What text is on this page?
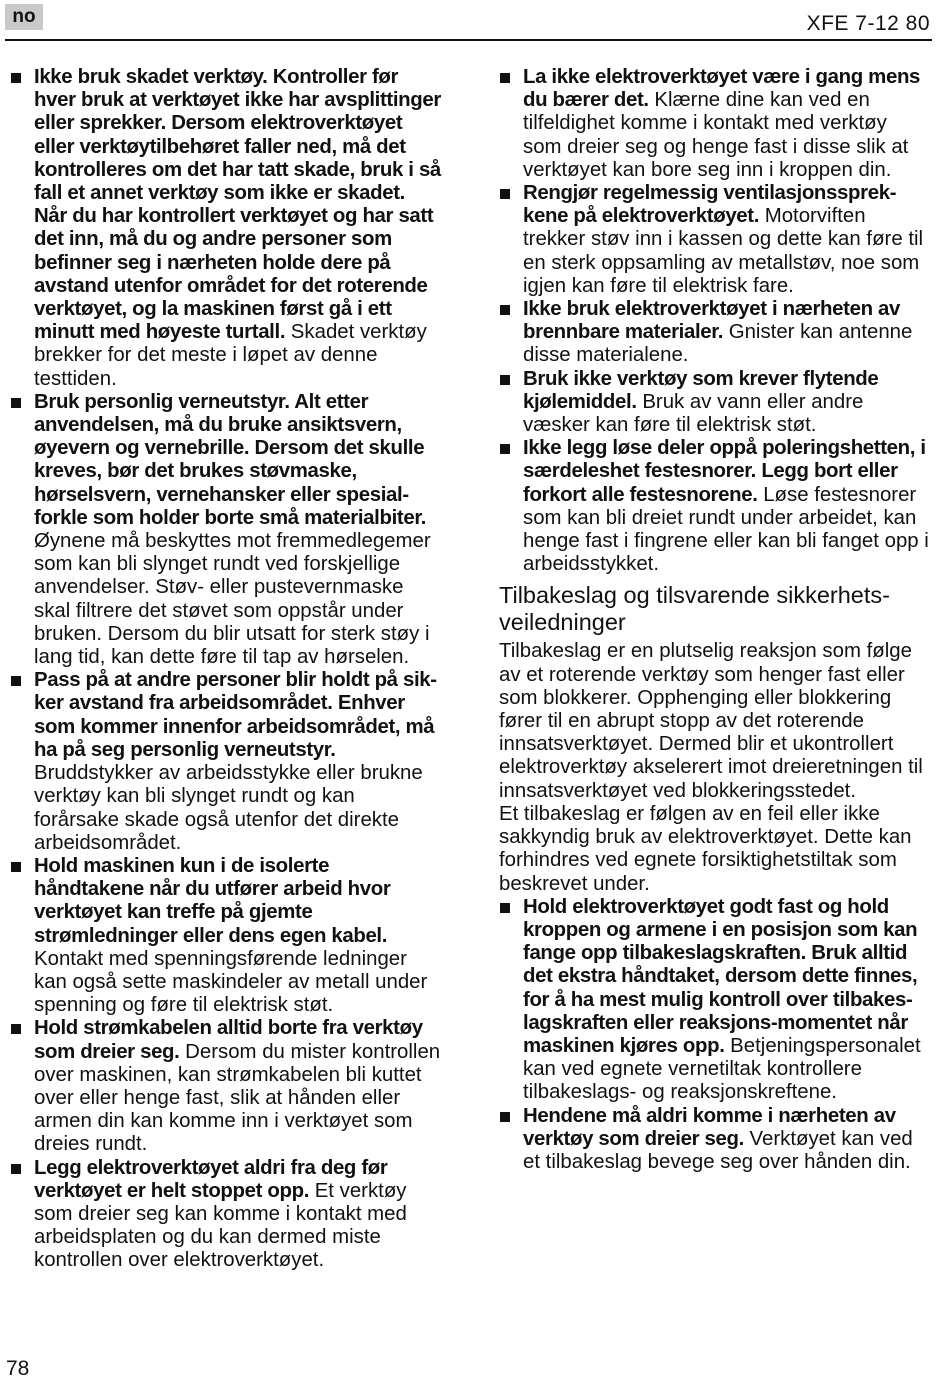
no	XFE 7-12 80
Ikke bruk skadet verktøy. Kontroller før hver bruk at verktøyet ikke har avsplittinger eller sprekker. Dersom elektroverktøyet eller verktøytilbehøret faller ned, må det kontrolleres om det har tatt skade, bruk i så fall et annet verktøy som ikke er skadet. Når du har kontrollert verktøyet og har satt det inn, må du og andre personer som befinner seg i nærheten holde dere på avstand utenfor området for det roterende verktøyet, og la maskinen først gå i ett minutt med høyeste turtall. Skadet verktøy brekker for det meste i løpet av denne testtiden.
Bruk personlig verneutstyr. Alt etter anvendelsen, må du bruke ansiktsvern, øyevern og vernebrille. Dersom det skulle kreves, bør det brukes støvmaske, hørselsvern, vernehansker eller spesialforkle som holder borte små materialbiter. Øynene må beskyttes mot fremmedlegemer som kan bli slynget rundt ved forskjellige anvendelser. Støv- eller pustevernmaske skal filtrere det støvet som oppstår under bruken. Dersom du blir utsatt for sterk støy i lang tid, kan dette føre til tap av hørselen.
Pass på at andre personer blir holdt på sikker avstand fra arbeidsområdet. Enhver som kommer innenfor arbeidsområdet, må ha på seg personlig verneutstyr. Bruddstykker av arbeidsstykke eller brukne verktøy kan bli slynget rundt og kan forårsake skade også utenfor det direkte arbeidsområdet.
Hold maskinen kun i de isolerte håndtakene når du utfører arbeid hvor verktøyet kan treffe på gjemte strømledninger eller dens egen kabel. Kontakt med spenningsførende ledninger kan også sette maskindeler av metall under spenning og føre til elektrisk støt.
Hold strømkabelen alltid borte fra verktøy som dreier seg. Dersom du mister kontrollen over maskinen, kan strømkabelen bli kuttet over eller henge fast, slik at hånden eller armen din kan komme inn i verktøyet som dreies rundt.
Legg elektroverktøyet aldri fra deg før verktøyet er helt stoppet opp. Et verktøy som dreier seg kan komme i kontakt med arbeidsplaten og du kan dermed miste kontrollen over elektroverktøyet.
La ikke elektroverktøyet være i gang mens du bærer det. Klærne dine kan ved en tilfeldighet komme i kontakt med verktøy som dreier seg og henge fast i disse slik at verktøyet kan bore seg inn i kroppen din.
Rengjør regelmessig ventilasjonssprekkene på elektroverktøyet. Motorviften trekker støv inn i kassen og dette kan føre til en sterk oppsamling av metallstøv, noe som igjen kan føre til elektrisk fare.
Ikke bruk elektroverktøyet i nærheten av brennbare materialer. Gnister kan antenne disse materialene.
Bruk ikke verktøy som krever flytende kjølemiddel. Bruk av vann eller andre væsker kan føre til elektrisk støt.
Ikke legg løse deler oppå poleringshetten, i særdeleshet festesnorer. Legg bort eller forkort alle festesnorene. Løse festesnorer som kan bli dreiet rundt under arbeidet, kan henge fast i fingrene eller kan bli fanget opp i arbeidsstykket.
Tilbakeslag og tilsvarende sikkerhetsveiledninger
Tilbakeslag er en plutselig reaksjon som følge av et roterende verktøy som henger fast eller som blokkerer. Opphenging eller blokkering fører til en abrupt stopp av det roterende innsatsverktøyet. Dermed blir et ukontrollert elektroverktøy akselerert imot dreieretningen til innsatsverktøyet ved blokkeringsstedet.
Et tilbakeslag er følgen av en feil eller ikke sakkyndig bruk av elektroverktøyet. Dette kan forhindres ved egnete forsiktighetstiltak som beskrevet under.
Hold elektroverktøyet godt fast og hold kroppen og armene i en posisjon som kan fange opp tilbakeslagskraften. Bruk alltid det ekstra håndtaket, dersom dette finnes, for å ha mest mulig kontroll over tilbakeslagskraften eller reaksjons-momentet når maskinen kjøres opp. Betjeningspersonalet kan ved egnete vernetiltak kontrollere tilbakeslags- og reaksjonskreftene.
Hendene må aldri komme i nærheten av verktøy som dreier seg. Verktøyet kan ved et tilbakeslag bevege seg over hånden din.
78
